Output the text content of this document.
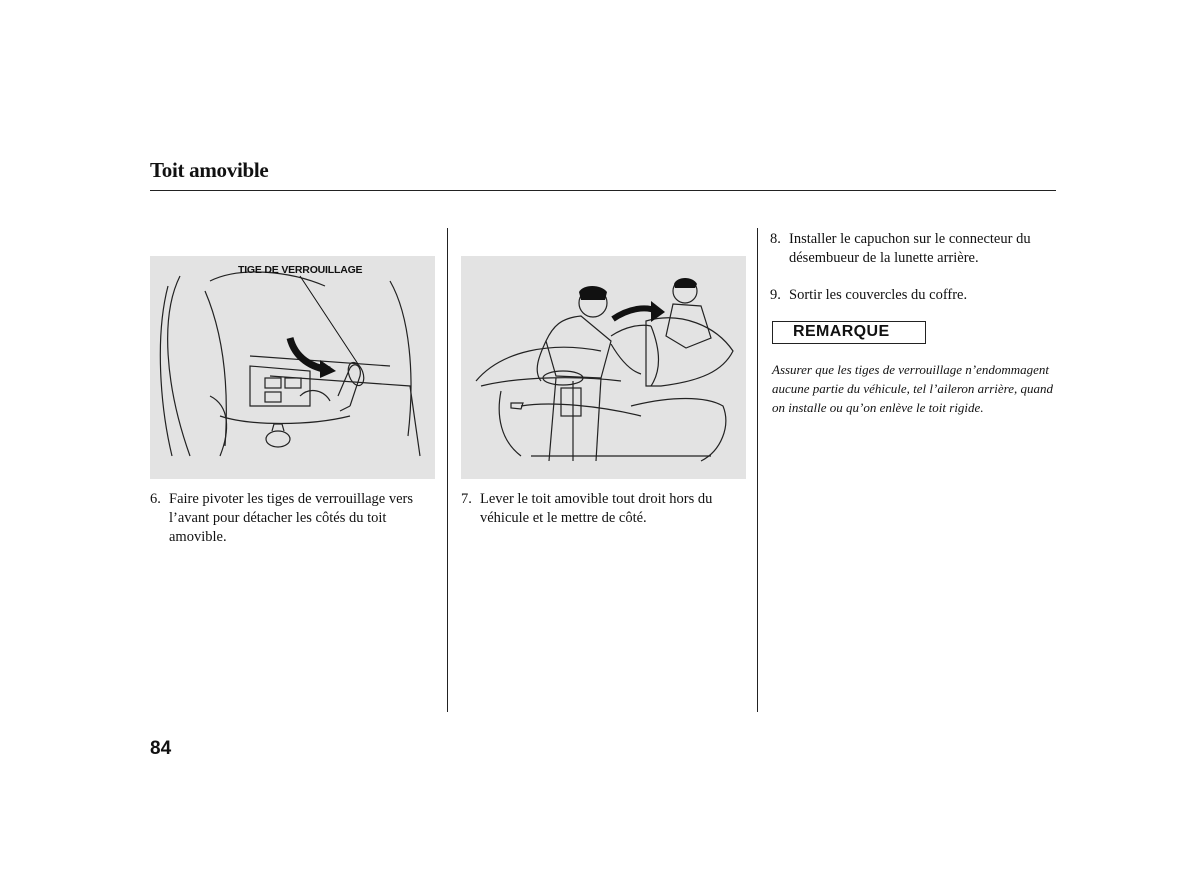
Toit amovible
TIGE DE VERROUILLAGE
6. Faire pivoter les tiges de verrouillage vers l’avant pour détacher les côtés du toit amovible.
7. Lever le toit amovible tout droit hors du véhicule et le mettre de côté.
8. Installer le capuchon sur le connecteur du désembueur de la lunette arrière.
9. Sortir les couvercles du coffre.
REMARQUE
Assurer que les tiges de verrouillage n’endommagent aucune partie du véhicule, tel l’aileron arrière, quand on installe ou qu’on enlève le toit rigide.
84
